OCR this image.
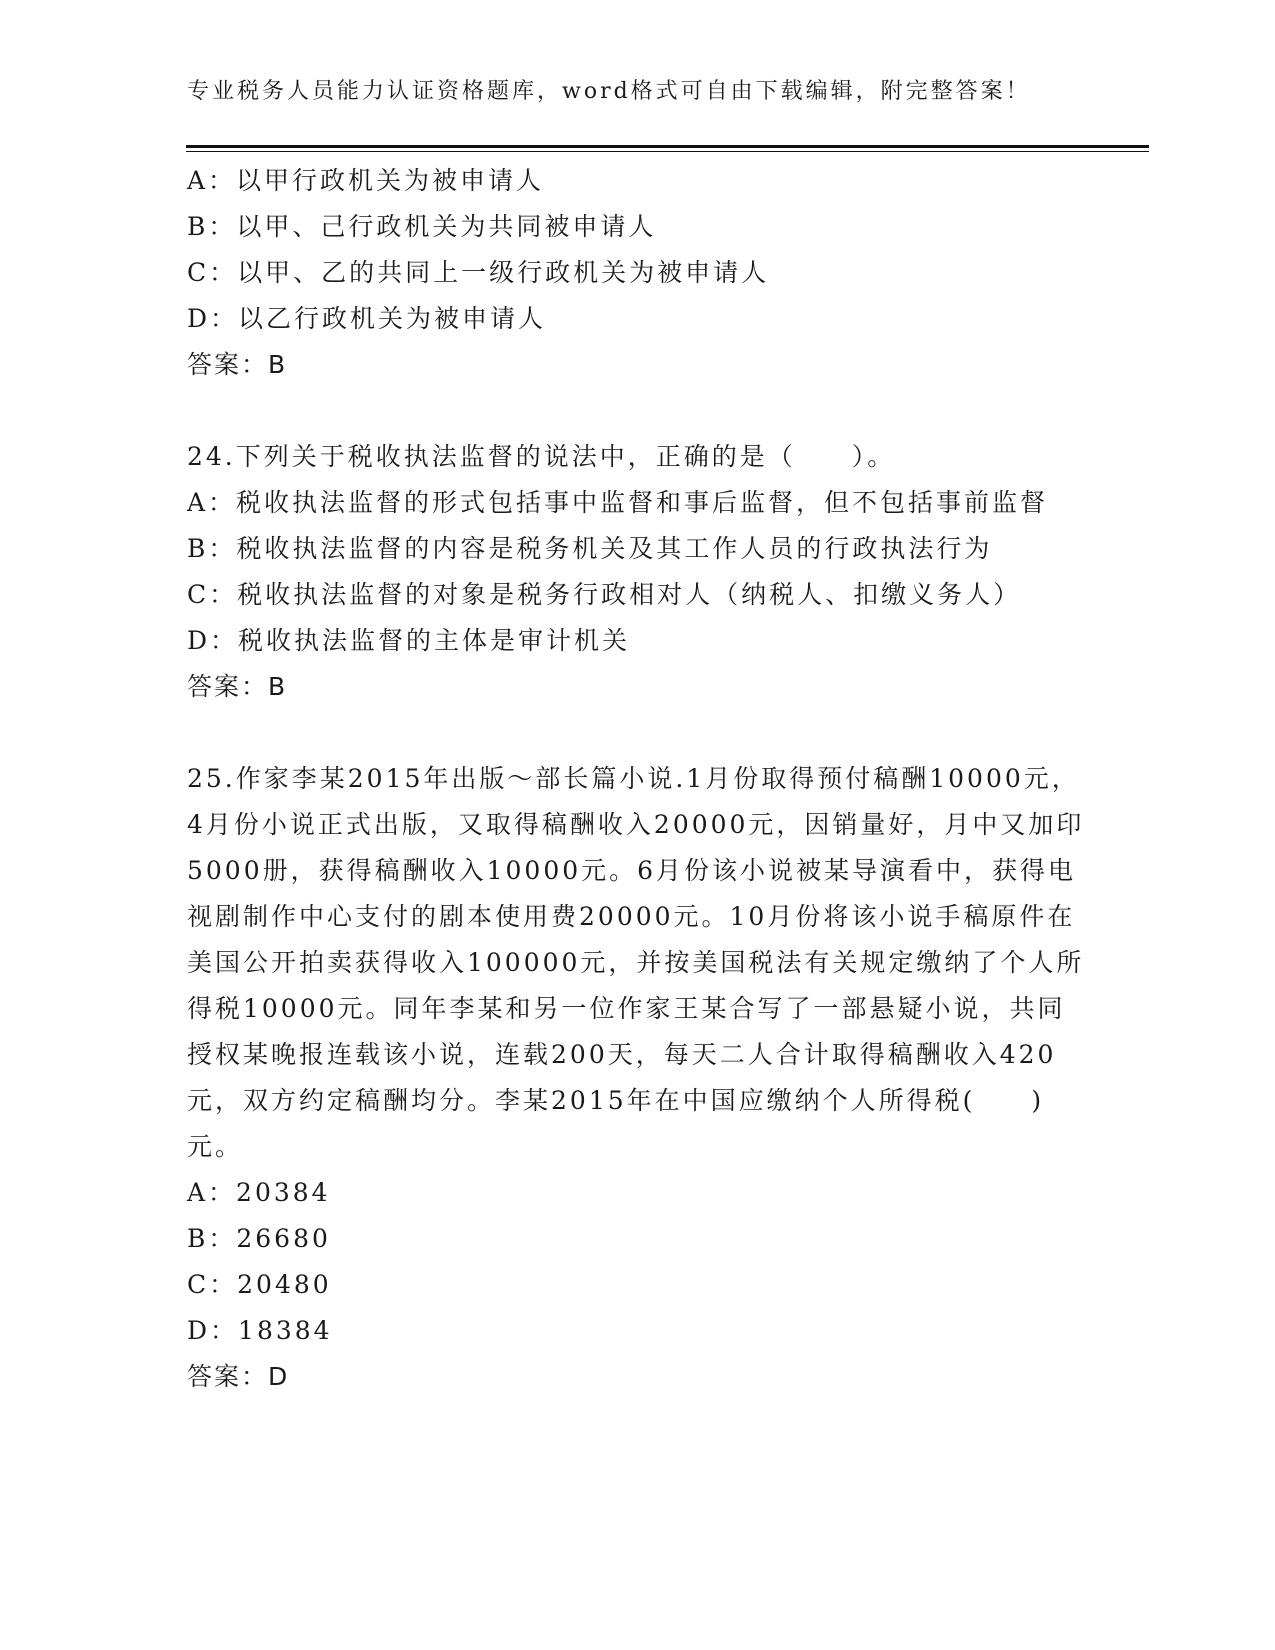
专业税务人员能力认证资格题库，word格式可自由下载编辑，附完整答案！
A：以甲行政机关为被申请人
B：以甲、己行政机关为共同被申请人
C：以甲、乙的共同上一级行政机关为被申请人
D：以乙行政机关为被申请人
答案：B
24.下列关于税收执法监督的说法中，正确的是（　　）。
A：税收执法监督的形式包括事中监督和事后监督，但不包括事前监督
B：税收执法监督的内容是税务机关及其工作人员的行政执法行为
C：税收执法监督的对象是税务行政相对人（纳税人、扣缴义务人）
D：税收执法监督的主体是审计机关
答案：B
25.作家李某2015年出版～部长篇小说.1月份取得预付稿酬10000元，4月份小说正式出版，又取得稿酬收入20000元，因销量好，月中又加印5000册，获得稿酬收入10000元。6月份该小说被某导演看中，获得电视剧制作中心支付的剧本使用费20000元。10月份将该小说手稿原件在美国公开拍卖获得收入100000元，并按美国税法有关规定缴纳了个人所得税10000元。同年李某和另一位作家王某合写了一部悬疑小说，共同授权某晚报连载该小说，连载200天，每天二人合计取得稿酬收入420元，双方约定稿酬均分。李某2015年在中国应缴纳个人所得税(　　)元。
A：20384
B：26680
C：20480
D：18384
答案：D
